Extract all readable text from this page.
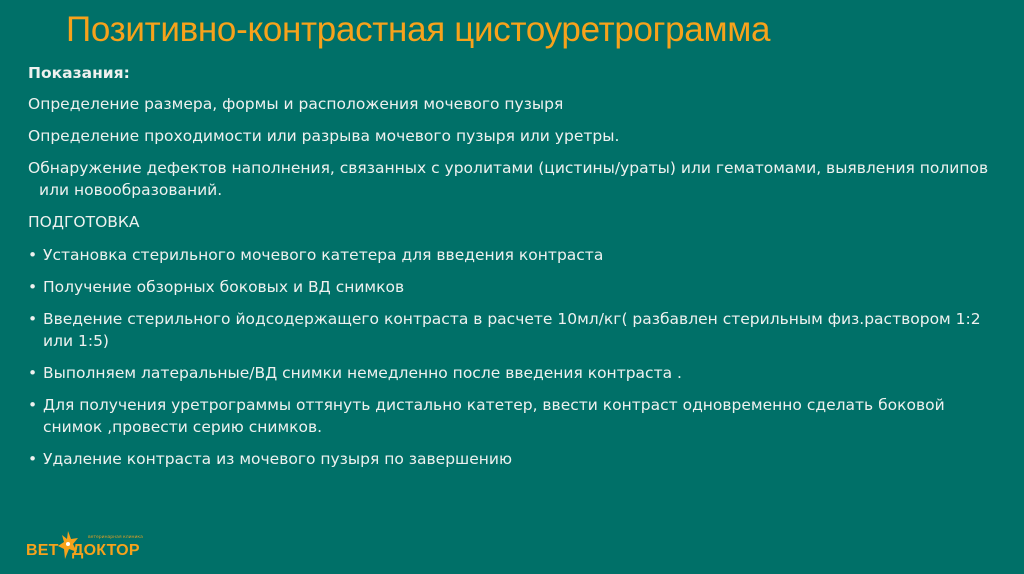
Позитивно-контрастная цистоуретрограмма
Показания:
Определение размера, формы и расположения мочевого пузыря
Определение проходимости или разрыва мочевого пузыря или уретры.
Обнаружение дефектов наполнения, связанных с уролитами (цистины/ураты) или гематомами, выявления полипов или новообразований.
ПОДГОТОВКА
• Установка стерильного мочевого катетера для введения контраста
• Получение обзорных боковых и ВД снимков
• Введение стерильного йодсодержащего контраста в расчете 10мл/кг( разбавлен стерильным физ.раствором 1:2 или 1:5)
• Выполняем латеральные/ВД снимки немедленно после введения контраста .
• Для получения уретрограммы оттянуть дистально катетер, ввести контраст одновременно сделать боковой снимок ,провести серию снимков.
• Удаление контраста из мочевого пузыря по завершению
ВЕТ
ветеринарная клиника
ДОКТОР
